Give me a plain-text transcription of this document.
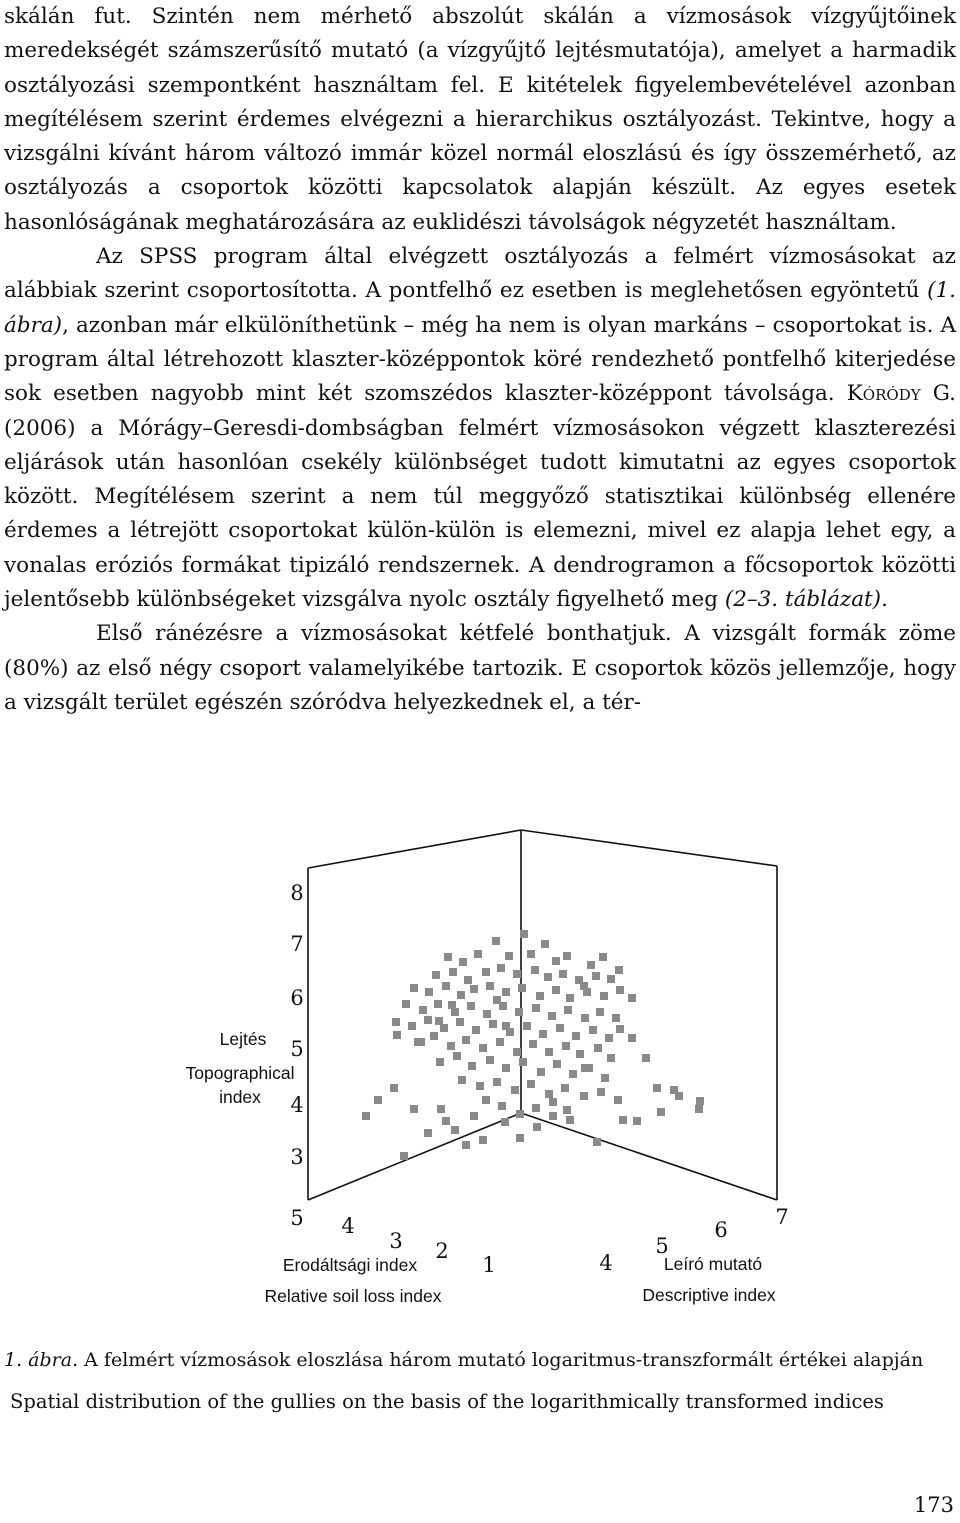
skálán fut. Szintén nem mérhető abszolút skálán a vízmosások vízgyűjtőinek meredekségét számszerűsítő mutató (a vízgyűjtő lejtésmutatója), amelyet a harmadik osztályozási szempontként használtam fel. E kitételek figyelembevételével azonban megítélésem szerint érdemes elvégezni a hierarchikus osztályozást. Tekintve, hogy a vizsgálni kívánt három változó immár közel normál eloszlású és így összemérhető, az osztályozás a csoportok közötti kapcsolatok alapján készült. Az egyes esetek hasonlóságának meghatározására az euklidészi távolságok négyzetét használtam.

Az SPSS program által elvégzett osztályozás a felmért vízmosásokat az alábbiak szerint csoportosította. A pontfelhő ez esetben is meglehetősen egyöntetű (1. ábra), azonban már elkülöníthetünk – még ha nem is olyan markáns – csoportokat is. A program által létrehozott klaszter-középpontok köré rendezhető pontfelhő kiterjedése sok esetben nagyobb mint két szomszédos klaszter-középpont távolsága. Kóródy G. (2006) a Mórágy–Geresdi-dombságban felmért vízmosásokon végzett klaszterezési eljárások után hasonlóan csekély különbséget tudott kimutatni az egyes csoportok között. Megítélésem szerint a nem túl meggyőző statisztikai különbség ellenére érdemes a létrejött csoportokat külön-külön is elemezni, mivel ez alapja lehet egy, a vonalas eróziós formákat tipizáló rendszernek. A dendrogramon a főcsoportok közötti jelentősebb különbségeket vizsgálva nyolc osztály figyelhető meg (2–3. táblázat).

Első ránézésre a vízmosásokat kétfelé bonthatjuk. A vizsgált formák zöme (80%) az első négy csoport valamelyikébe tartozik. E csoportok közös jellemzője, hogy a vizsgált terület egészén szóródva helyezkednek el, a tér-

8
7
6
5
4
3
5 4
3 2
1	4
5
6
7
Lejtés
Topographical
index
Erodáltsági index
Relative soil loss index
Leíró mutató
Descriptive index
1. ábra. A felmért vízmosások eloszlása három mutató logaritmus-transzformált értékei alapján
Spatial distribution of the gullies on the basis of the logarithmically transformed indices
173
